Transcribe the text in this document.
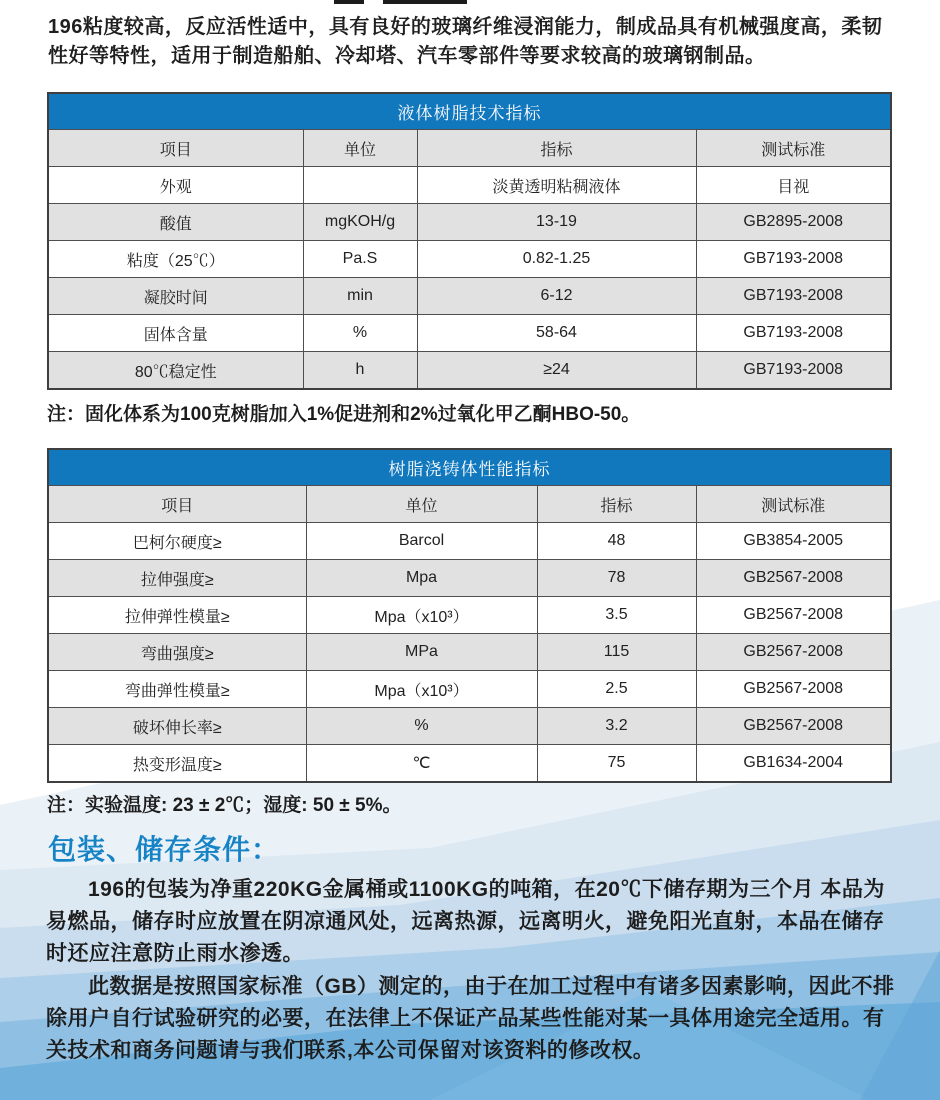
196粘度较高，反应活性适中，具有良好的玻璃纤维浸润能力，制成品具有机械强度高，柔韧性好等特性，适用于制造船舶、冷却塔、汽车零部件等要求较高的玻璃钢制品。

液体树脂技术指标			
项目	单位	指标	测试标准
外观		淡黄透明粘稠液体	目视
酸值	mgKOH/g	13-19	GB2895-2008
粘度（25℃）	Pa.S	0.82-1.25	GB7193-2008
凝胶时间	min	6-12	GB7193-2008
固体含量	%	58-64	GB7193-2008
80℃稳定性	h	≥24	GB7193-2008

注：固化体系为100克树脂加入1%促进剂和2%过氧化甲乙酮HBO-50。

树脂浇铸体性能指标			
项目	单位	指标	测试标准
巴柯尔硬度≥	Barcol	48	GB3854-2005
拉伸强度≥	Mpa	78	GB2567-2008
拉伸弹性模量≥	Mpa（x10³）	3.5	GB2567-2008
弯曲强度≥	MPa	115	GB2567-2008
弯曲弹性模量≥	Mpa（x10³）	2.5	GB2567-2008
破坏伸长率≥	%	3.2	GB2567-2008
热变形温度≥	℃	75	GB1634-2004

注：实验温度: 23 ± 2℃；湿度: 50 ± 5%。

包装、储存条件：

196的包装为净重220KG金属桶或1100KG的吨箱，在20℃下储存期为三个月 本品为易燃品，储存时应放置在阴凉通风处，远离热源，远离明火，避免阳光直射，本品在储存时还应注意防止雨水渗透。

此数据是按照国家标准（GB）测定的，由于在加工过程中有诸多因素影响，因此不排除用户自行试验研究的必要，在法律上不保证产品某些性能对某一具体用途完全适用。有关技术和商务问题请与我们联系,本公司保留对该资料的修改权。
